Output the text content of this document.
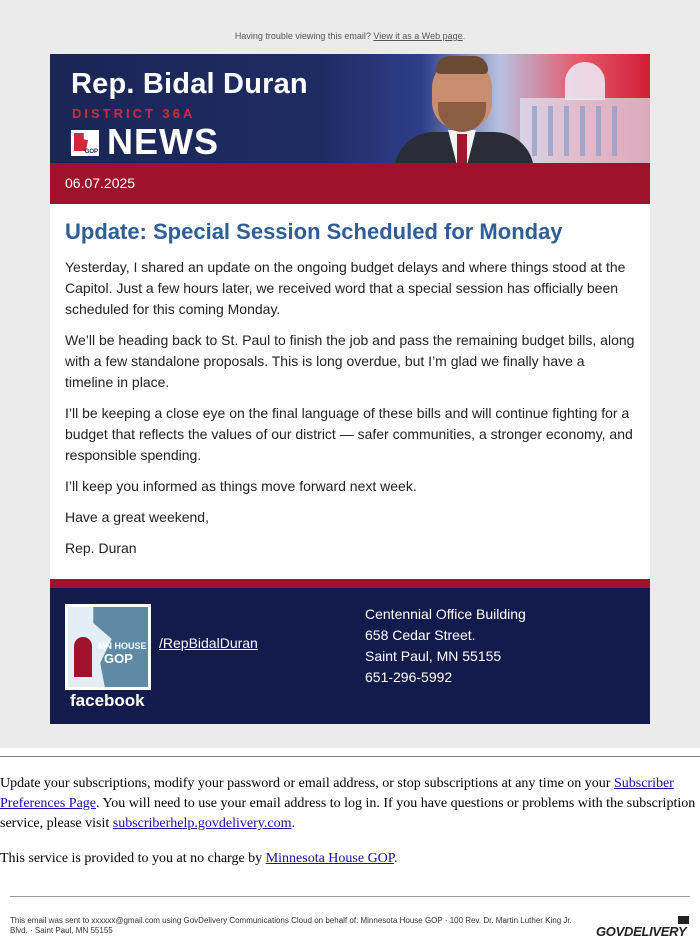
Having trouble viewing this email? View it as a Web page.
Rep. Bidal Duran
DISTRICT 36A
GOP NEWS
06.07.2025
Update: Special Session Scheduled for Monday

Yesterday, I shared an update on the ongoing budget delays and where things stood at the Capitol. Just a few hours later, we received word that a special session has officially been scheduled for this coming Monday.

We’ll be heading back to St. Paul to finish the job and pass the remaining budget bills, along with a few standalone proposals. This is long overdue, but I’m glad we finally have a timeline in place.

I’ll be keeping a close eye on the final language of these bills and will continue fighting for a budget that reflects the values of our district — safer communities, a stronger economy, and responsible spending.

I’ll keep you informed as things move forward next week.

Have a great weekend,

Rep. Duran

MN HOUSE
GOP
facebook
/RepBidalDuran
Centennial Office Building
658 Cedar Street.
Saint Paul, MN 55155
651-296-5992

Update your subscriptions, modify your password or email address, or stop subscriptions at any time on your Subscriber Preferences Page. You will need to use your email address to log in. If you have questions or problems with the subscription service, please visit subscriberhelp.govdelivery.com.

This service is provided to you at no charge by Minnesota House GOP.

This email was sent to xxxxxx@gmail.com using GovDelivery Communications Cloud on behalf of: Minnesota House GOP · 100 Rev. Dr. Martin Luther King Jr. Blvd. · Saint Paul, MN 55155	GOVDELIVERY
